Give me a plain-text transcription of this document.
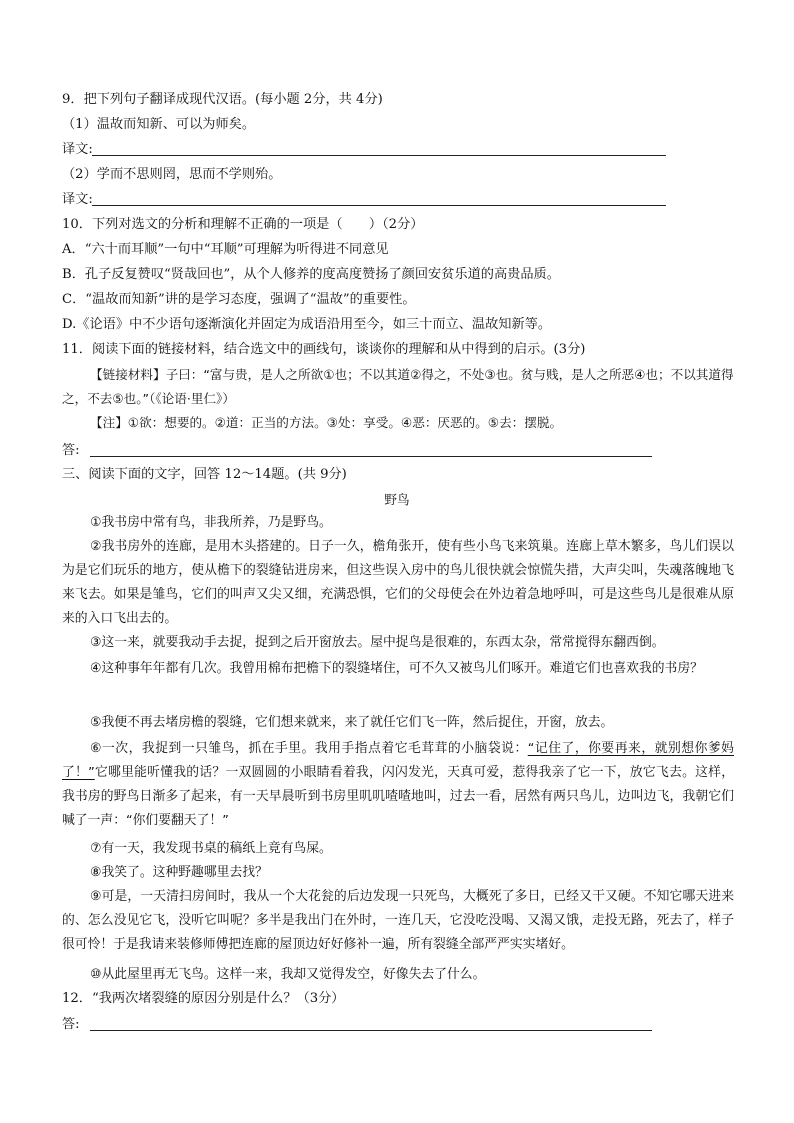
9．把下列句子翻译成现代汉语。(每小题 2分，共 4分)
（1）温故而知新、可以为师矣。
译文:
（2）学而不思则罔，思而不学则殆。
译文:
10．下列对选文的分析和理解不正确的一项是（　　）（2分）
A．“六十而耳顺”一句中“耳顺”可理解为听得进不同意见
B．孔子反复赞叹“贤哉回也”，从个人修养的度高度赞扬了颜回安贫乐道的高贵品质。
C．“温故而知新”讲的是学习态度，强调了“温故”的重要性。
D.《论语》中不少语句逐渐演化并固定为成语沿用至今，如三十而立、温故知新等。
11．阅读下面的链接材料，结合选文中的画线句，谈谈你的理解和从中得到的启示。(3分)
【链接材料】子曰：“富与贵，是人之所欲①也；不以其道②得之，不处③也。贫与贱，是人之所恶④也；不以其道得之，不去⑤也。”（《论语·里仁》）
【注】①欲：想要的。②道：正当的方法。③处：享受。④恶：厌恶的。⑤去：摆脱。
答:
三、阅读下面的文字，回答 12～14题。(共 9分)
野鸟
①我书房中常有鸟，非我所养，乃是野鸟。
②我书房外的连廊，是用木头搭建的。日子一久，檐角张开，使有些小鸟飞来筑巢。连廊上草木繁多，鸟儿们误以为是它们玩乐的地方，使从檐下的裂缝钻进房来，但这些误入房中的鸟儿很快就会惊慌失措，大声尖叫，失魂落魄地飞来飞去。如果是雏鸟，它们的叫声又尖又细，充满恐惧，它们的父母使会在外边着急地呼叫，可是这些鸟儿是很难从原来的入口飞出去的。
③这一来，就要我动手去捉，捉到之后开窗放去。屋中捉鸟是很难的，东西太杂，常常搅得东翻西倒。
④这种事年年都有几次。我曾用棉布把檐下的裂缝堵住，可不久又被鸟儿们啄开。难道它们也喜欢我的书房？
⑤我便不再去堵房檐的裂缝，它们想来就来，来了就任它们飞一阵，然后捉住，开窗，放去。
⑥一次，我捉到一只雏鸟，抓在手里。我用手指点着它毛茸茸的小脑袋说：“记住了，你要再来，就别想你爹妈了！”它哪里能听懂我的话？一双圆圆的小眼睛看着我，闪闪发光，天真可爱，惹得我亲了它一下，放它飞去。这样，我书房的野鸟日渐多了起来，有一天早晨听到书房里叽叽喳喳地叫，过去一看，居然有两只鸟儿，边叫边飞，我朝它们喊了一声：“你们要翻天了！”
⑦有一天，我发现书桌的稿纸上竟有鸟屎。
⑧我笑了。这种野趣哪里去找？
⑨可是，一天清扫房间时，我从一个大花瓮的后边发现一只死鸟，大概死了多日，已经又干又硬。不知它哪天进来的、怎么没见它飞，没听它叫呢？多半是我出门在外时，一连几天，它没吃没喝、又渴又饿，走投无路，死去了，样子很可怜！于是我请来装修师傅把连廊的屋顶边好好修补一遍，所有裂缝全部严严实实堵好。
⑩从此屋里再无飞鸟。这样一来，我却又觉得发空，好像失去了什么。
12．“我两次堵裂缝的原因分别是什么？（3分）
答:
